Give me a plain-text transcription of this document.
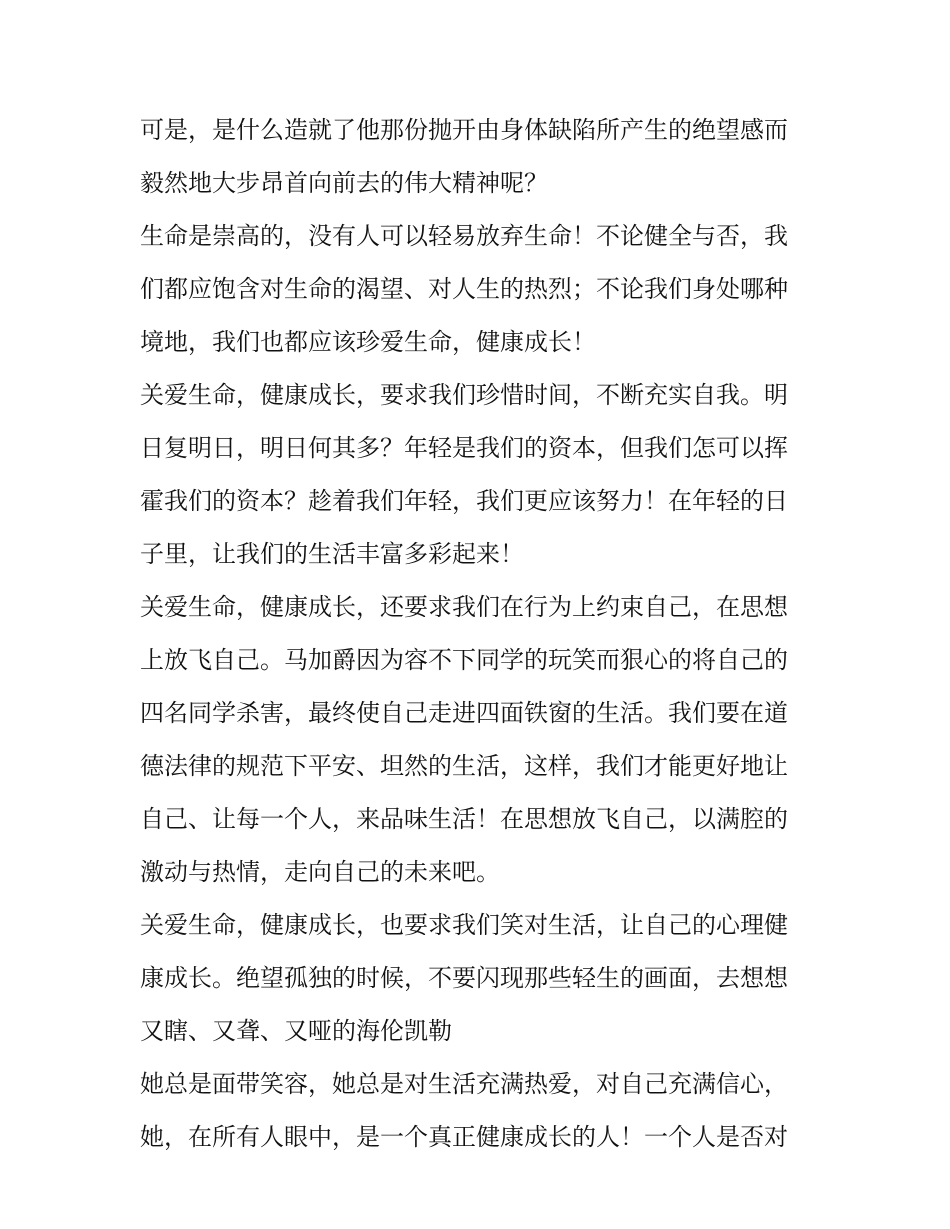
可是，是什么造就了他那份抛开由身体缺陷所产生的绝望感而
毅然地大步昂首向前去的伟大精神呢？
生命是崇高的，没有人可以轻易放弃生命！不论健全与否，我
们都应饱含对生命的渴望、对人生的热烈；不论我们身处哪种
境地，我们也都应该珍爱生命，健康成长！
关爱生命，健康成长，要求我们珍惜时间，不断充实自我。明
日复明日，明日何其多？年轻是我们的资本，但我们怎可以挥
霍我们的资本？趁着我们年轻，我们更应该努力！在年轻的日
子里，让我们的生活丰富多彩起来！
关爱生命，健康成长，还要求我们在行为上约束自己，在思想
上放飞自己。马加爵因为容不下同学的玩笑而狠心的将自己的
四名同学杀害，最终使自己走进四面铁窗的生活。我们要在道
德法律的规范下平安、坦然的生活，这样，我们才能更好地让
自己、让每一个人，来品味生活！在思想放飞自己，以满腔的
激动与热情，走向自己的未来吧。
关爱生命，健康成长，也要求我们笑对生活，让自己的心理健
康成长。绝望孤独的时候，不要闪现那些轻生的画面，去想想
又瞎、又聋、又哑的海伦凯勒
她总是面带笑容，她总是对生活充满热爱，对自己充满信心，
她，在所有人眼中，是一个真正健康成长的人！一个人是否对
